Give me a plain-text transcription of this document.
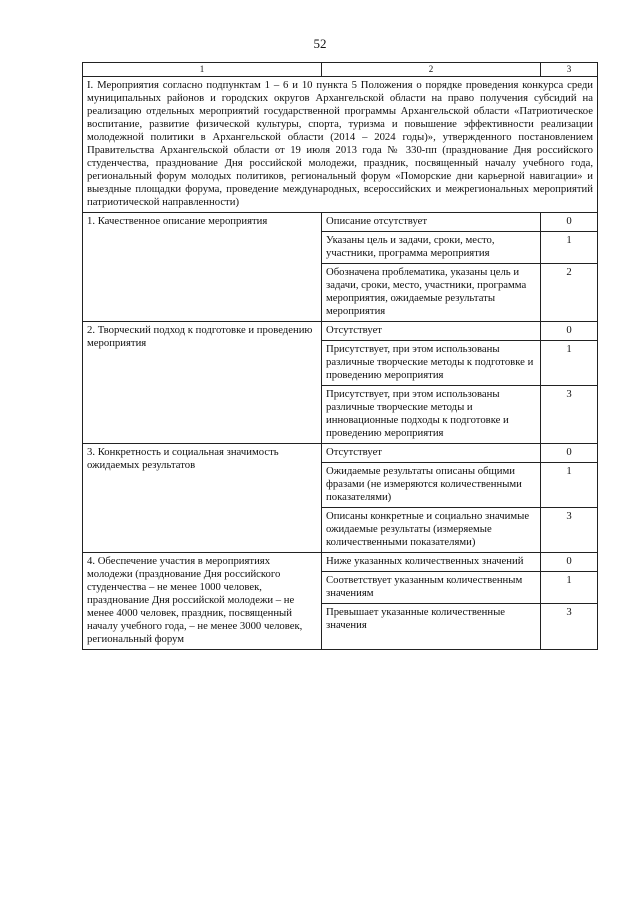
52
1	2	3
I. Мероприятия согласно подпунктам 1 – 6 и 10 пункта 5 Положения о порядке проведения конкурса среди муниципальных районов и городских округов Архангельской области на право получения субсидий на реализацию отдельных мероприятий государственной программы Архангельской области «Патриотическое воспитание, развитие физической культуры, спорта, туризма и повышение эффективности реализации молодежной политики в Архангельской области (2014 – 2024 годы)», утвержденного постановлением Правительства Архангельской области от 19 июля 2013 года № 330-пп (празднование Дня российского студенчества, празднование Дня российской молодежи, праздник, посвященный началу учебного года, региональный форум молодых политиков, региональный форум «Поморские дни карьерной навигации» и выездные площадки форума, проведение международных, всероссийских и межрегиональных мероприятий патриотической направленности)		
1. Качественное описание мероприятия	Описание отсутствует	0
	Указаны цель и задачи, сроки, место, участники, программа мероприятия	1
	Обозначена проблематика, указаны цель и задачи, сроки, место, участники, программа мероприятия, ожидаемые результаты мероприятия	2
2. Творческий подход к подготовке и проведению мероприятия	Отсутствует	0
	Присутствует, при этом использованы различные творческие методы к подготовке и проведению мероприятия	1
	Присутствует, при этом использованы различные творческие методы и инновационные подходы к подготовке и проведению мероприятия	3
3. Конкретность и социальная значимость ожидаемых результатов	Отсутствует	0
	Ожидаемые результаты описаны общими фразами (не измеряются количественными показателями)	1
	Описаны конкретные и социально значимые ожидаемые результаты (измеряемые количественными показателями)	3
4. Обеспечение участия в мероприятиях молодежи (празднование Дня российского студенчества – не менее 1000 человек, празднование Дня российской молодежи – не менее 4000 человек, праздник, посвященный началу учебного года, – не менее 3000 человек, региональный форум	Ниже указанных количественных значений	0
	Соответствует указанным количественным значениям	1
	Превышает указанные количественные значения	3
